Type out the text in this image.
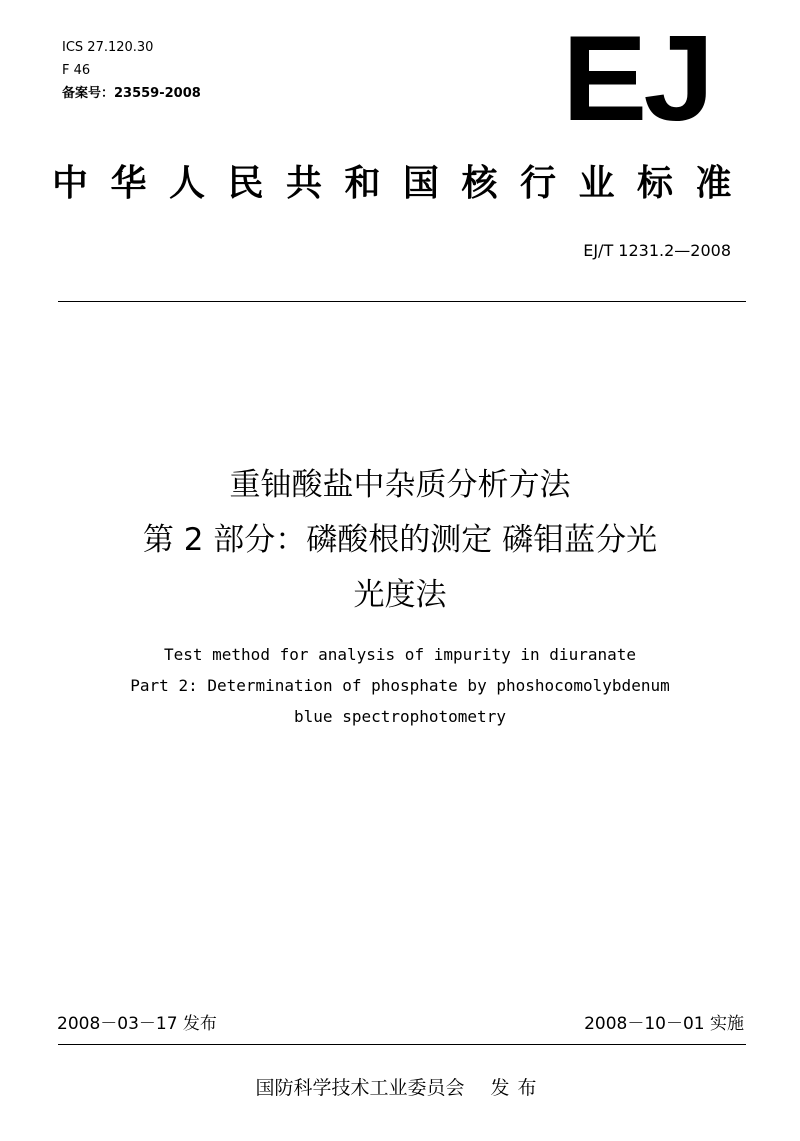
ICS 27.120.30
F 46
备案号：23559-2008	EJ
中华人民共和国核行业标准
EJ/T 1231.2—2008
重铀酸盐中杂质分析方法
第 2 部分：磷酸根的测定 磷钼蓝分光
光度法
Test method for analysis of impurity in diuranate
Part 2: Determination of phosphate by phoshocomolybdenum
blue spectrophotometry
2008－03－17 发布	2008－10－01 实施
国防科学技术工业委员会 发布
